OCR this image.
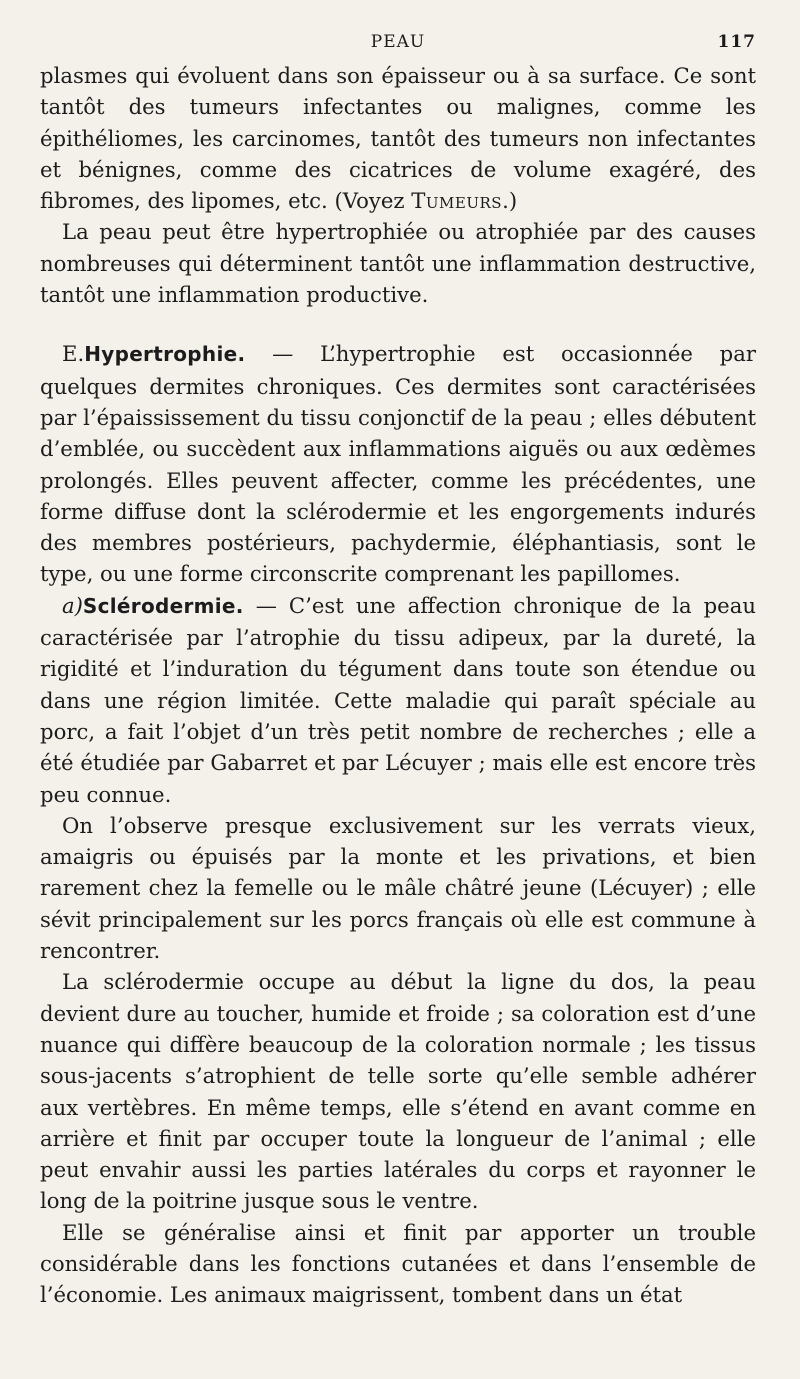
PEAU	117

plasmes qui évoluent dans son épaisseur ou à sa surface. Ce sont tantôt des tumeurs infectantes ou malignes, comme les épithéliomes, les carcinomes, tantôt des tumeurs non infectantes et bénignes, comme des cicatrices de volume exagéré, des fibromes, des lipomes, etc. (Voyez Tumeurs.)

La peau peut être hypertrophiée ou atrophiée par des causes nombreuses qui déterminent tantôt une inflammation destructive, tantôt une inflammation productive.

E.Hypertrophie. — L’hypertrophie est occasionnée par quelques dermites chroniques. Ces dermites sont caractérisées par l’épaississement du tissu conjonctif de la peau ; elles débutent d’emblée, ou succèdent aux inflammations aiguës ou aux œdèmes prolongés. Elles peuvent affecter, comme les précédentes, une forme diffuse dont la sclérodermie et les engorgements indurés des membres postérieurs, pachydermie, éléphantiasis, sont le type, ou une forme circonscrite comprenant les papillomes.

a)Sclérodermie. — C’est une affection chronique de la peau caractérisée par l’atrophie du tissu adipeux, par la dureté, la rigidité et l’induration du tégument dans toute son étendue ou dans une région limitée. Cette maladie qui paraît spéciale au porc, a fait l’objet d’un très petit nombre de recherches ; elle a été étudiée par Gabarret et par Lécuyer ; mais elle est encore très peu connue.

On l’observe presque exclusivement sur les verrats vieux, amaigris ou épuisés par la monte et les privations, et bien rarement chez la femelle ou le mâle châtré jeune (Lécuyer) ; elle sévit principalement sur les porcs français où elle est commune à rencontrer.

La sclérodermie occupe au début la ligne du dos, la peau devient dure au toucher, humide et froide ; sa coloration est d’une nuance qui diffère beaucoup de la coloration normale ; les tissus sous-jacents s’atrophient de telle sorte qu’elle semble adhérer aux vertèbres. En même temps, elle s’étend en avant comme en arrière et finit par occuper toute la longueur de l’animal ; elle peut envahir aussi les parties latérales du corps et rayonner le long de la poitrine jusque sous le ventre.

Elle se généralise ainsi et finit par apporter un trouble considérable dans les fonctions cutanées et dans l’ensemble de l’économie. Les animaux maigrissent, tombent dans un état
